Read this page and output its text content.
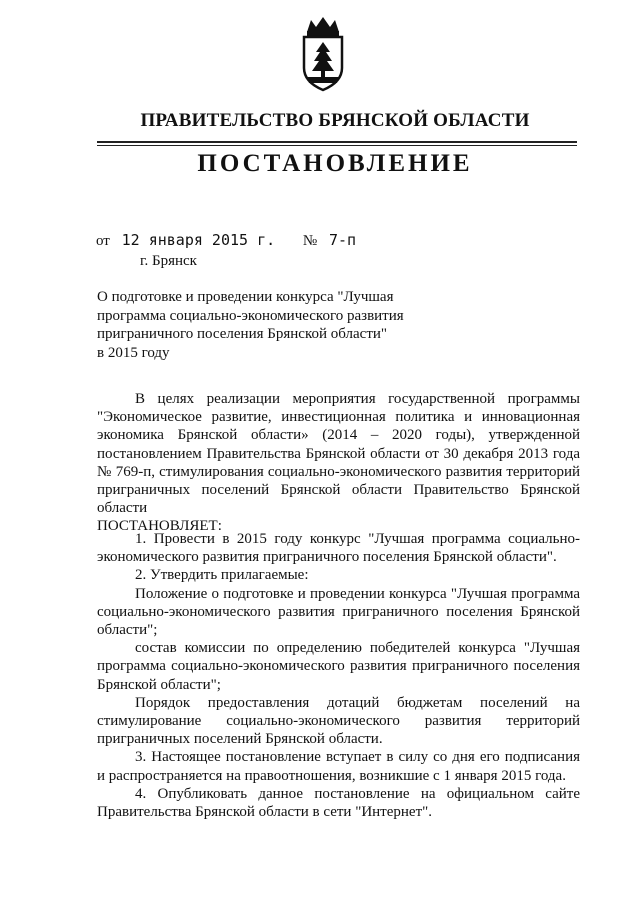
ПРАВИТЕЛЬСТВО БРЯНСКОЙ ОБЛАСТИ
ПОСТАНОВЛЕНИЕ
от 12 января 2015 г. № 7-п
г. Брянск
О подготовке и проведении конкурса "Лучшая
программа социально-экономического развития
приграничного поселения Брянской области"
в 2015 году

В целях реализации мероприятия государственной программы "Экономическое развитие, инвестиционная политика и инновационная экономика Брянской области» (2014 – 2020 годы), утвержденной постановлением Правительства Брянской области от 30 декабря 2013 года № 769-п, стимулирования социально-экономического развития территорий приграничных поселений Брянской области Правительство Брянской области

ПОСТАНОВЛЯЕТ:

1. Провести в 2015 году конкурс "Лучшая программа социально-экономического развития приграничного поселения Брянской области".

2. Утвердить прилагаемые:

Положение о подготовке и проведении конкурса "Лучшая программа социально-экономического развития приграничного поселения Брянской области";

состав комиссии по определению победителей конкурса "Лучшая программа социально-экономического развития приграничного поселения Брянской области";

Порядок предоставления дотаций бюджетам поселений на стимулирование социально-экономического развития территорий приграничных поселений Брянской области.

3. Настоящее постановление вступает в силу со дня его подписания и распространяется на правоотношения, возникшие с 1 января 2015 года.

4. Опубликовать данное постановление на официальном сайте Правительства Брянской области в сети "Интернет".
